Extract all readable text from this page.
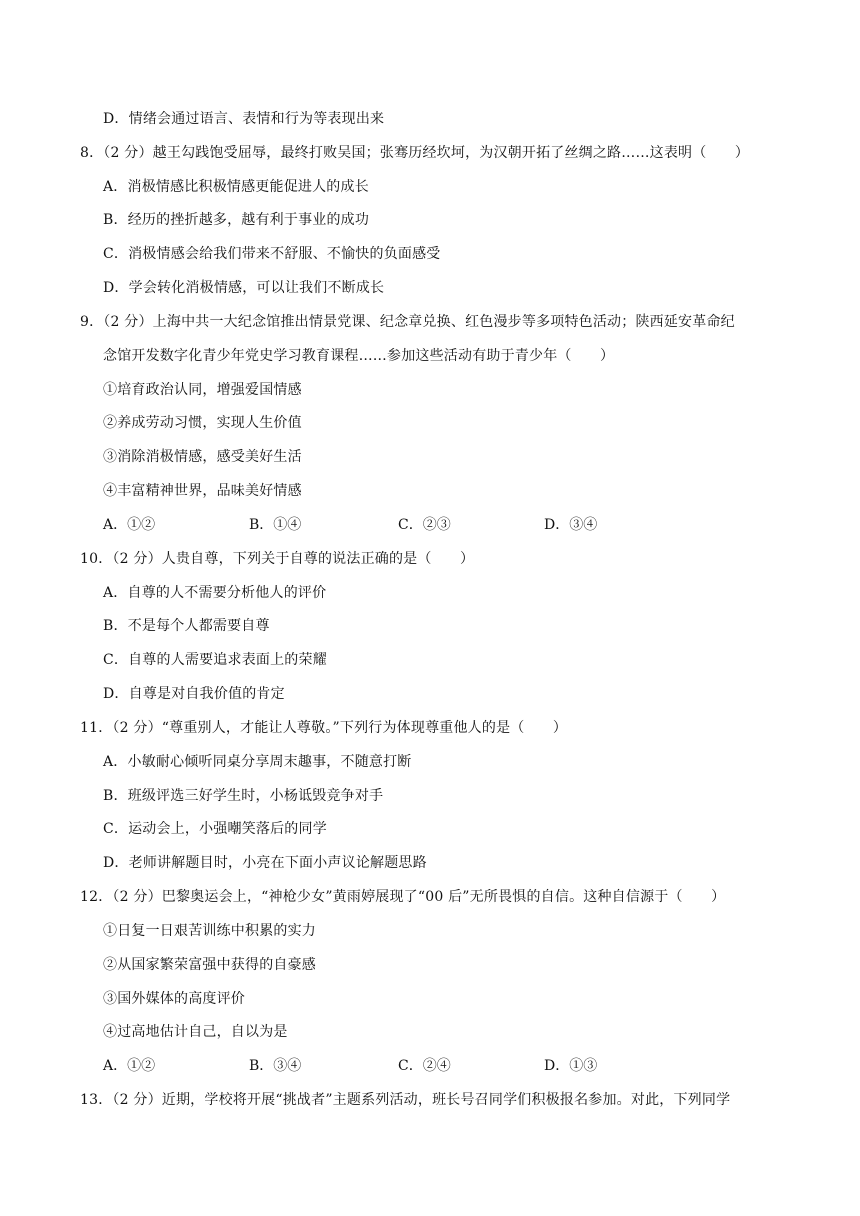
D．情绪会通过语言、表情和行为等表现出来
8．（2 分）越王勾践饱受屈辱，最终打败吴国；张骞历经坎坷，为汉朝开拓了丝绸之路……这表明（　　）
A．消极情感比积极情感更能促进人的成长
B．经历的挫折越多，越有利于事业的成功
C．消极情感会给我们带来不舒服、不愉快的负面感受
D．学会转化消极情感，可以让我们不断成长
9．（2 分）上海中共一大纪念馆推出情景党课、纪念章兑换、红色漫步等多项特色活动；陕西延安革命纪
念馆开发数字化青少年党史学习教育课程……参加这些活动有助于青少年（　　）
①培育政治认同，增强爱国情感
②养成劳动习惯，实现人生价值
③消除消极情感，感受美好生活
④丰富精神世界，品味美好情感
A．①②	B．①④	C．②③	D．③④
10．（2 分）人贵自尊，下列关于自尊的说法正确的是（　　）
A．自尊的人不需要分析他人的评价
B．不是每个人都需要自尊
C．自尊的人需要追求表面上的荣耀
D．自尊是对自我价值的肯定
11．（2 分）“尊重别人，才能让人尊敬。”下列行为体现尊重他人的是（　　）
A．小敏耐心倾听同桌分享周末趣事，不随意打断
B．班级评选三好学生时，小杨诋毁竞争对手
C．运动会上，小强嘲笑落后的同学
D．老师讲解题目时，小亮在下面小声议论解题思路
12．（2 分）巴黎奥运会上，“神枪少女”黄雨婷展现了“00 后”无所畏惧的自信。这种自信源于（　　）
①日复一日艰苦训练中积累的实力
②从国家繁荣富强中获得的自豪感
③国外媒体的高度评价
④过高地估计自己，自以为是
A．①②	B．③④	C．②④	D．①③
13．（2 分）近期，学校将开展“挑战者”主题系列活动，班长号召同学们积极报名参加。对此，下列同学
